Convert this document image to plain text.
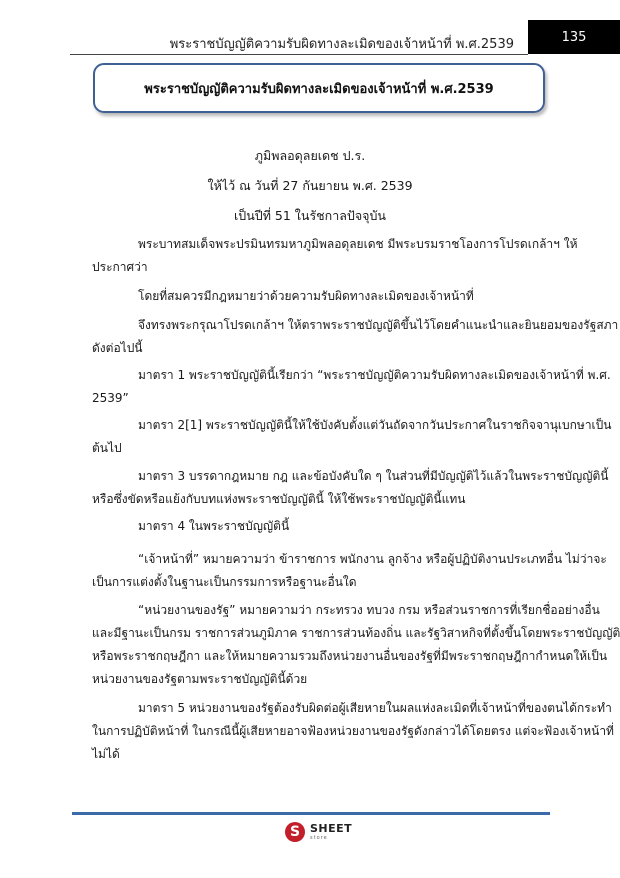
พระราชบัญญัติความรับผิดทางละเมิดของเจ้าหน้าที่ พ.ศ.2539	135
พระราชบัญญัติความรับผิดทางละเมิดของเจ้าหน้าที่ พ.ศ.2539
ภูมิพลอดุลยเดช ป.ร.
ให้ไว้ ณ วันที่ 27 กันยายน พ.ศ. 2539
เป็นปีที่ 51 ในรัชกาลปัจจุบัน
พระบาทสมเด็จพระปรมินทรมหาภูมิพลอดุลยเดช มีพระบรมราชโองการโปรดเกล้าฯ ให้
ประกาศว่า
โดยที่สมควรมีกฎหมายว่าด้วยความรับผิดทางละเมิดของเจ้าหน้าที่
จึงทรงพระกรุณาโปรดเกล้าฯ ให้ตราพระราชบัญญัติขึ้นไว้โดยคำแนะนำและยินยอมของรัฐสภา
ดังต่อไปนี้
มาตรา 1 พระราชบัญญัตินี้เรียกว่า “พระราชบัญญัติความรับผิดทางละเมิดของเจ้าหน้าที่ พ.ศ.
2539”
มาตรา 2[1] พระราชบัญญัตินี้ให้ใช้บังคับตั้งแต่วันถัดจากวันประกาศในราชกิจจานุเบกษาเป็น
ต้นไป
มาตรา 3 บรรดากฎหมาย กฎ และข้อบังคับใด ๆ ในส่วนที่มีบัญญัติไว้แล้วในพระราชบัญญัตินี้
หรือซึ่งขัดหรือแย้งกับบทแห่งพระราชบัญญัตินี้ ให้ใช้พระราชบัญญัตินี้แทน
มาตรา 4 ในพระราชบัญญัตินี้
“เจ้าหน้าที่” หมายความว่า ข้าราชการ พนักงาน ลูกจ้าง หรือผู้ปฏิบัติงานประเภทอื่น ไม่ว่าจะ
เป็นการแต่งตั้งในฐานะเป็นกรรมการหรือฐานะอื่นใด
“หน่วยงานของรัฐ” หมายความว่า กระทรวง ทบวง กรม หรือส่วนราชการที่เรียกชื่ออย่างอื่น
และมีฐานะเป็นกรม ราชการส่วนภูมิภาค ราชการส่วนท้องถิ่น และรัฐวิสาหกิจที่ตั้งขึ้นโดยพระราชบัญญัติ
หรือพระราชกฤษฎีกา และให้หมายความรวมถึงหน่วยงานอื่นของรัฐที่มีพระราชกฤษฎีกากำหนดให้เป็น
หน่วยงานของรัฐตามพระราชบัญญัตินี้ด้วย
มาตรา 5 หน่วยงานของรัฐต้องรับผิดต่อผู้เสียหายในผลแห่งละเมิดที่เจ้าหน้าที่ของตนได้กระทำ
ในการปฏิบัติหน้าที่ ในกรณีนี้ผู้เสียหายอาจฟ้องหน่วยงานของรัฐดังกล่าวได้โดยตรง แต่จะฟ้องเจ้าหน้าที่
ไม่ได้
S SHEET
store
